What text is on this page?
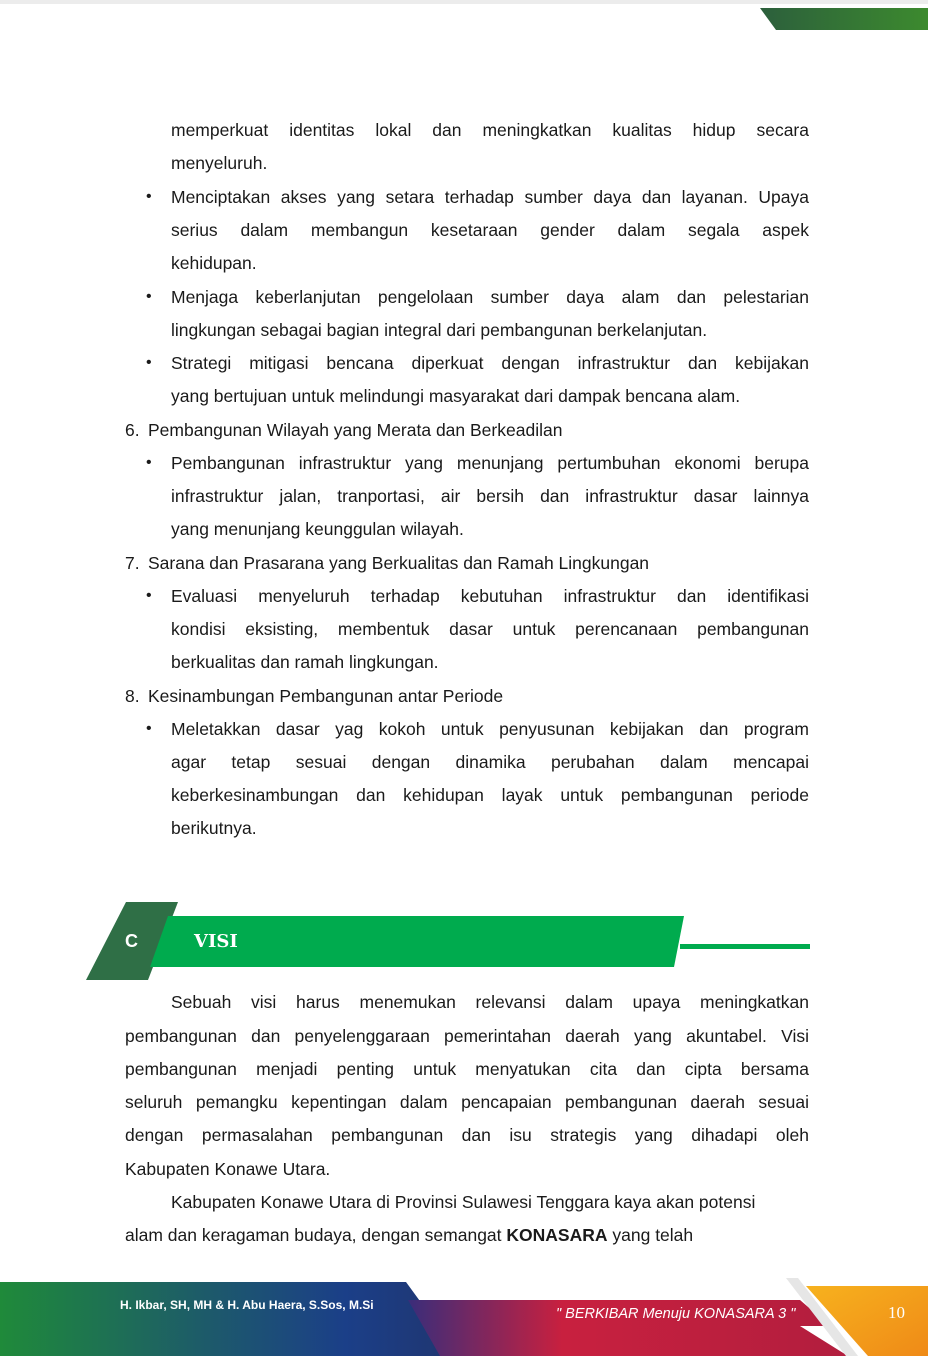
memperkuat identitas lokal dan meningkatkan kualitas hidup secara
menyeluruh.
• Menciptakan akses yang setara terhadap sumber daya dan layanan. Upaya
serius dalam membangun kesetaraan gender dalam segala aspek
kehidupan.
• Menjaga keberlanjutan pengelolaan sumber daya alam dan pelestarian
lingkungan sebagai bagian integral dari pembangunan berkelanjutan.
• Strategi mitigasi bencana diperkuat dengan infrastruktur dan kebijakan
yang bertujuan untuk melindungi masyarakat dari dampak bencana alam.
6. Pembangunan Wilayah yang Merata dan Berkeadilan
• Pembangunan infrastruktur yang menunjang pertumbuhan ekonomi berupa
infrastruktur jalan, tranportasi, air bersih dan infrastruktur dasar lainnya
yang menunjang keunggulan wilayah.
7. Sarana dan Prasarana yang Berkualitas dan Ramah Lingkungan
• Evaluasi menyeluruh terhadap kebutuhan infrastruktur dan identifikasi
kondisi eksisting, membentuk dasar untuk perencanaan pembangunan
berkualitas dan ramah lingkungan.
8. Kesinambungan Pembangunan antar Periode
• Meletakkan dasar yag kokoh untuk penyusunan kebijakan dan program
agar tetap sesuai dengan dinamika perubahan dalam mencapai
keberkesinambungan dan kehidupan layak untuk pembangunan periode
berikutnya.
C	VISI
Sebuah visi harus menemukan relevansi dalam upaya meningkatkan
pembangunan dan penyelenggaraan pemerintahan daerah yang akuntabel. Visi
pembangunan menjadi penting untuk menyatukan cita dan cipta bersama
seluruh pemangku kepentingan dalam pencapaian pembangunan daerah sesuai
dengan permasalahan pembangunan dan isu strategis yang dihadapi oleh
Kabupaten Konawe Utara.
Kabupaten Konawe Utara di Provinsi Sulawesi Tenggara kaya akan potensi
alam dan keragaman budaya, dengan semangat KONASARA yang telah
H. Ikbar, SH, MH & H. Abu Haera, S.Sos, M.Si
" BERKIBAR Menuju KONASARA 3 "	10
